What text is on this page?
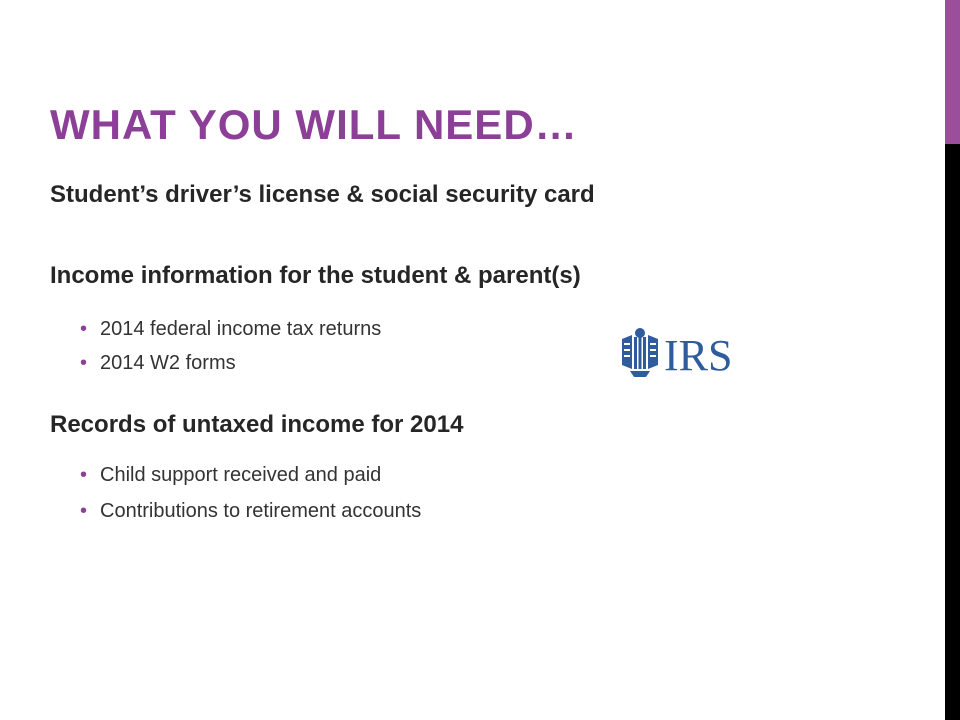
WHAT YOU WILL NEED…

Student’s driver’s license & social security card

Income information for the student & parent(s)

• 2014 federal income tax returns

• 2014 W2 forms

Records of untaxed income for 2014

• Child support received and paid

• Contributions to retirement accounts

IRS
